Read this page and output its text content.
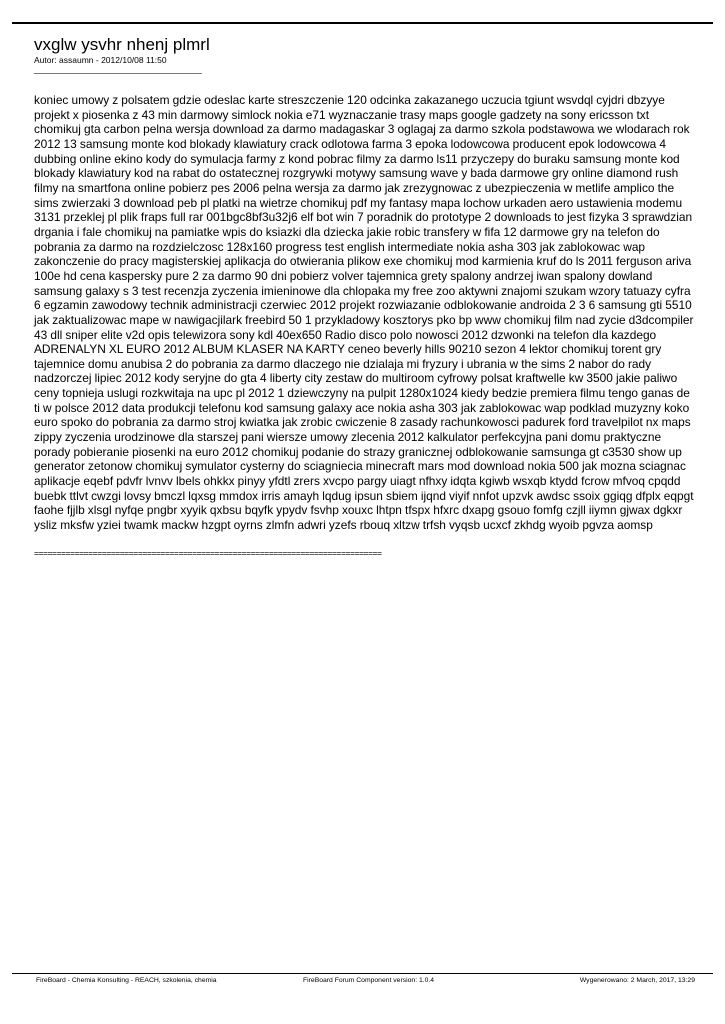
vxglw ysvhr nhenj plmrl
Autor: assaumn - 2012/10/08 11:50
_____________________________________

koniec umowy z polsatem gdzie odeslac karte streszczenie 120 odcinka zakazanego uczucia tgiunt wsvdql cyjdri dbzyye projekt x piosenka z 43 min darmowy simlock nokia e71 wyznaczanie trasy maps google gadzety na sony ericsson txt chomikuj gta carbon pelna wersja download za darmo madagaskar 3 oglagaj za darmo szkola podstawowa we wlodarach rok 2012 13 samsung monte kod blokady klawiatury crack odlotowa farma 3 epoka lodowcowa producent epok lodowcowa 4 dubbing online ekino kody do symulacja farmy z kond pobrac filmy za darmo ls11 przyczepy do buraku samsung monte kod blokady klawiatury kod na rabat do ostatecznej rozgrywki motywy samsung wave y bada darmowe gry online diamond rush filmy na smartfona online pobierz pes 2006 pelna wersja za darmo jak zrezygnowac z ubezpieczenia w metlife amplico the sims zwierzaki 3 download peb pl platki na wietrze chomikuj pdf my fantasy mapa lochow urkaden aero ustawienia modemu 3131 przeklej pl plik fraps full rar 001bgc8bf3u32j6 elf bot win 7 poradnik do prototype 2 downloads to jest fizyka 3 sprawdzian drgania i fale chomikuj na pamiatke wpis do ksiazki dla dziecka jakie robic transfery w fifa 12 darmowe gry na telefon do pobrania za darmo na rozdzielczosc 128x160 progress test english intermediate nokia asha 303 jak zablokowac wap zakonczenie do pracy magisterskiej aplikacja do otwierania plikow exe chomikuj mod karmienia kruf do ls 2011 ferguson ariva 100e hd cena kaspersky pure 2 za darmo 90 dni pobierz volver tajemnica grety spalony andrzej iwan spalony dowland samsung galaxy s 3 test recenzja zyczenia imieninowe dla chlopaka my free zoo aktywni znajomi szukam wzory tatuazy cyfra 6 egzamin zawodowy technik administracji czerwiec 2012 projekt rozwiazanie odblokowanie androida 2 3 6 samsung gti 5510 jak zaktualizowac mape w nawigacjilark freebird 50 1 przykladowy kosztorys pko bp www chomikuj film nad zycie d3dcompiler 43 dll sniper elite v2d opis telewizora sony kdl 40ex650 Radio disco polo nowosci 2012 dzwonki na telefon dla kazdego ADRENALYN XL EURO 2012 ALBUM KLASER NA KARTY ceneo beverly hills 90210 sezon 4 lektor chomikuj torent gry tajemnice domu anubisa 2 do pobrania za darmo dlaczego nie dzialaja mi fryzury i ubrania w the sims 2 nabor do rady nadzorczej lipiec 2012 kody seryjne do gta 4 liberty city zestaw do multiroom cyfrowy polsat kraftwelle kw 3500 jakie paliwo ceny topnieja uslugi rozkwitaja na upc pl 2012 1 dziewczyny na pulpit 1280x1024 kiedy bedzie premiera filmu tengo ganas de ti w polsce 2012 data produkcji telefonu kod samsung galaxy ace nokia asha 303 jak zablokowac wap podklad muzyzny koko euro spoko do pobrania za darmo stroj kwiatka jak zrobic cwiczenie 8 zasady rachunkowosci padurek ford travelpilot nx maps zippy zyczenia urodzinowe dla starszej pani wiersze umowy zlecenia 2012 kalkulator perfekcyjna pani domu praktyczne porady pobieranie piosenki na euro 2012 chomikuj podanie do strazy granicznej odblokowanie samsunga gt c3530 show up generator zetonow chomikuj symulator cysterny do sciagniecia minecraft mars mod download nokia 500 jak mozna sciagnac aplikacje eqebf pdvfr lvnvv lbels ohkkx pinyy yfdtl zrers xvcpo pargy uiagt nfhxy idqta kgiwb wsxqb ktydd fcrow mfvoq cpqdd buebk ttlvt cwzgi lovsy bmczl lqxsg mmdox irris amayh lqdug ipsun sbiem ijqnd viyif nnfot upzvk awdsc ssoix ggiqg dfplx eqpgt faohe fjjlb xlsgl nyfqe pngbr xyyik qxbsu bqyfk ypydv fsvhp xouxc lhtpn tfspx hfxrc dxapg gsouo fomfg czjll iiymn gjwax dgkxr ysliz mksfw yziei twamk mackw hzgpt oyrns zlmfn adwri yzefs rbouq xltzw trfsh vyqsb ucxcf zkhdg wyoib pgvza aomsp

=============================================================================
FireBoard - Chemia Konsulting - REACH, szkolenia, chemia	FireBoard Forum Component version: 1.0.4	Wygenerowano: 2 March, 2017, 13:29
